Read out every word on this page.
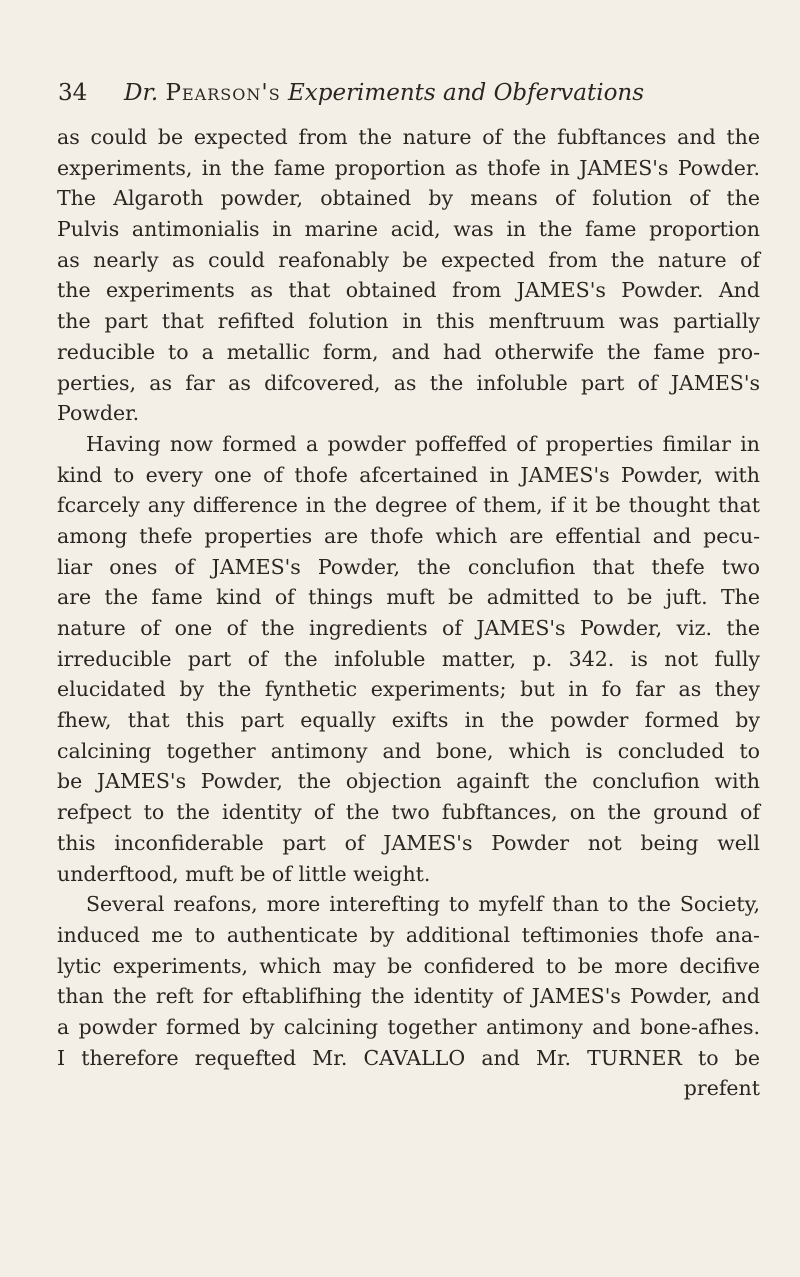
34 Dr. Pearson's Experiments and Obfervations
as could be expected from the nature of the fubftances and the
experiments, in the fame proportion as thofe in JAMES's Powder.
The Algaroth powder, obtained by means of folution of the
Pulvis antimonialis in marine acid, was in the fame proportion
as nearly as could reafonably be expected from the nature of
the experiments as that obtained from JAMES's Powder. And
the part that refifted folution in this menftruum was partially
reducible to a metallic form, and had otherwife the fame pro-
perties, as far as difcovered, as the infoluble part of JAMES's
Powder.
Having now formed a powder poffeffed of properties fimilar in
kind to every one of thofe afcertained in JAMES's Powder, with
fcarcely any difference in the degree of them, if it be thought that
among thefe properties are thofe which are effential and pecu-
liar ones of JAMES's Powder, the conclufion that thefe two
are the fame kind of things muft be admitted to be juft. The
nature of one of the ingredients of JAMES's Powder, viz. the
irreducible part of the infoluble matter, p. 342. is not fully
elucidated by the fynthetic experiments; but in fo far as they
fhew, that this part equally exifts in the powder formed by
calcining together antimony and bone, which is concluded to
be JAMES's Powder, the objection againft the conclufion with
refpect to the identity of the two fubftances, on the ground of
this inconfiderable part of JAMES's Powder not being well
underftood, muft be of little weight.
Several reafons, more interefting to myfelf than to the Society,
induced me to authenticate by additional teftimonies thofe ana-
lytic experiments, which may be confidered to be more decifive
than the reft for eftablifhing the identity of JAMES's Powder, and
a powder formed by calcining together antimony and bone-afhes.
I therefore requefted Mr. CAVALLO and Mr. TURNER to be
prefent
